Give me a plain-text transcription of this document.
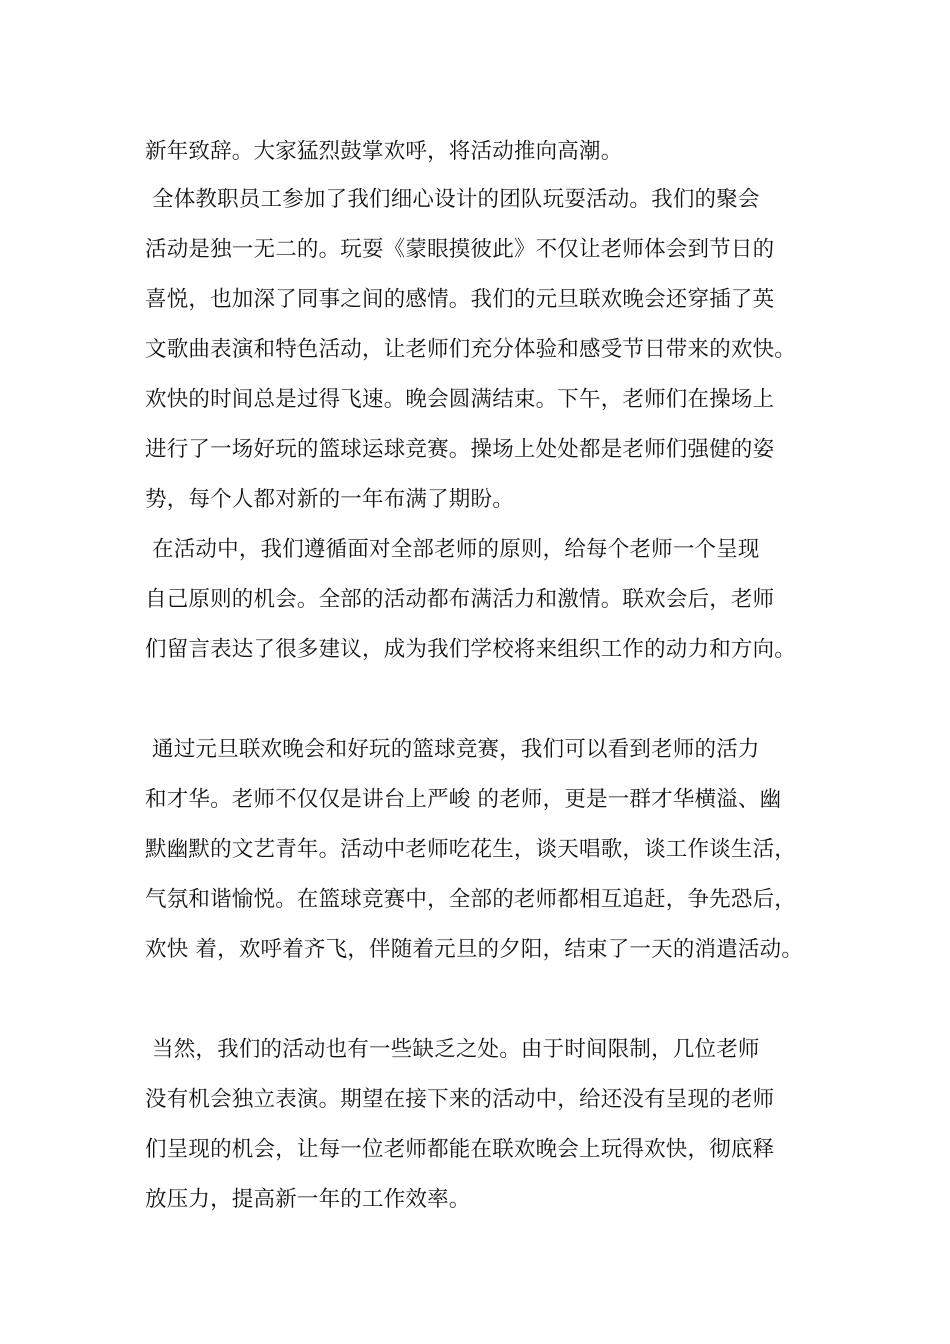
新年致辞。大家猛烈鼓掌欢呼，将活动推向高潮。
全体教职员工参加了我们细心设计的团队玩耍活动。我们的聚会
活动是独一无二的。玩耍《蒙眼摸彼此》不仅让老师体会到节日的
喜悦，也加深了同事之间的感情。我们的元旦联欢晚会还穿插了英
文歌曲表演和特色活动，让老师们充分体验和感受节日带来的欢快。
欢快的时间总是过得飞速。晚会圆满结束。下午，老师们在操场上
进行了一场好玩的篮球运球竞赛。操场上处处都是老师们强健的姿
势，每个人都对新的一年布满了期盼。
在活动中，我们遵循面对全部老师的原则，给每个老师一个呈现
自己原则的机会。全部的活动都布满活力和激情。联欢会后，老师
们留言表达了很多建议，成为我们学校将来组织工作的动力和方向。
通过元旦联欢晚会和好玩的篮球竞赛，我们可以看到老师的活力
和才华。老师不仅仅是讲台上严峻 的老师，更是一群才华横溢、幽
默幽默的文艺青年。活动中老师吃花生，谈天唱歌，谈工作谈生活，
气氛和谐愉悦。在篮球竞赛中，全部的老师都相互追赶，争先恐后，
欢快 着，欢呼着齐飞，伴随着元旦的夕阳，结束了一天的消遣活动。
当然，我们的活动也有一些缺乏之处。由于时间限制，几位老师
没有机会独立表演。期望在接下来的活动中，给还没有呈现的老师
们呈现的机会，让每一位老师都能在联欢晚会上玩得欢快，彻底释
放压力，提高新一年的工作效率。
